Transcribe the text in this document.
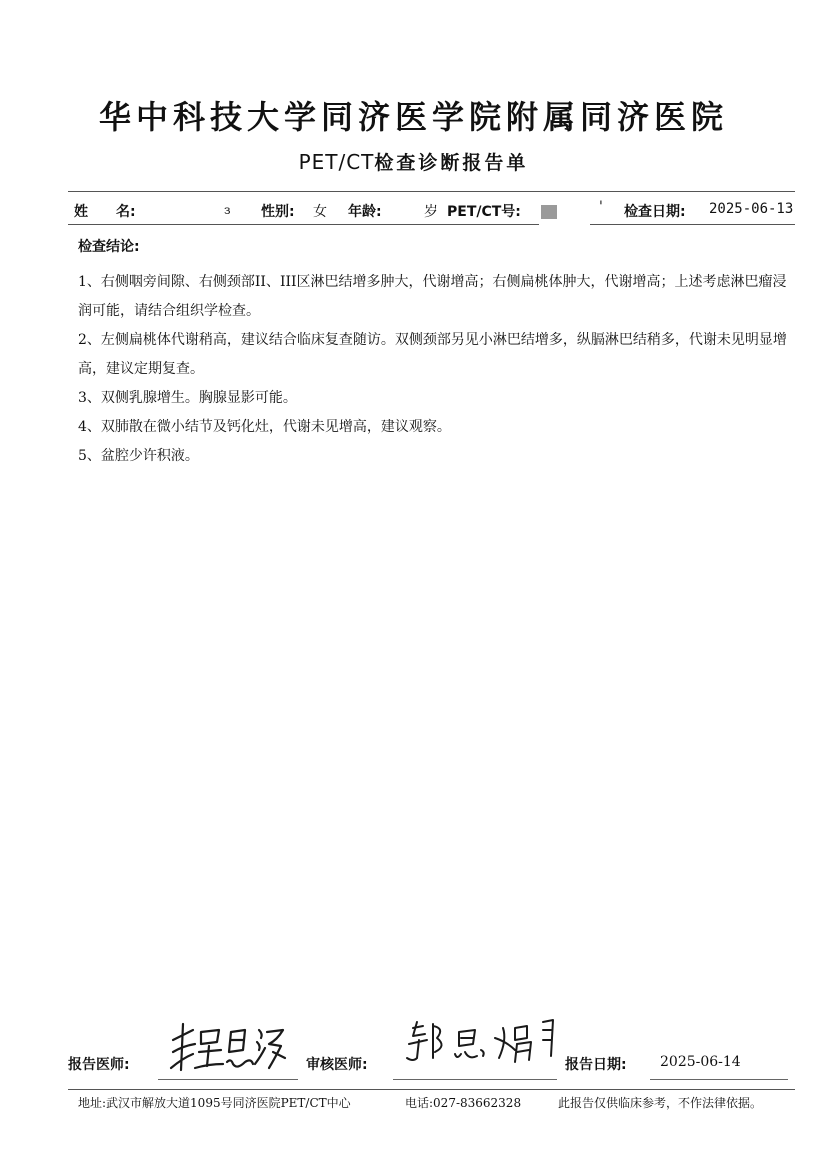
华中科技大学同济医学院附属同济医院
PET/CT检查诊断报告单
姓　　名:	з 性别: 女 年龄:	岁 PET/CT号:	' 检查日期: 2025-06-13
检查结论:

1、右侧咽旁间隙、右侧颈部II、III区淋巴结增多肿大，代谢增高；右侧扁桃体肿大，代谢增高；上述考虑淋巴瘤浸润可能，请结合组织学检查。

2、左侧扁桃体代谢稍高，建议结合临床复查随访。双侧颈部另见小淋巴结增多，纵膈淋巴结稍多，代谢未见明显增高，建议定期复查。

3、双侧乳腺增生。胸腺显影可能。

4、双肺散在微小结节及钙化灶，代谢未见增高，建议观察。

5、盆腔少许积液。

报告医师:	审核医师:	报告日期: 2025-06-14
地址:武汉市解放大道1095号同济医院PET/CT中心	电话:027-83662328	此报告仅供临床参考，不作法律依据。
